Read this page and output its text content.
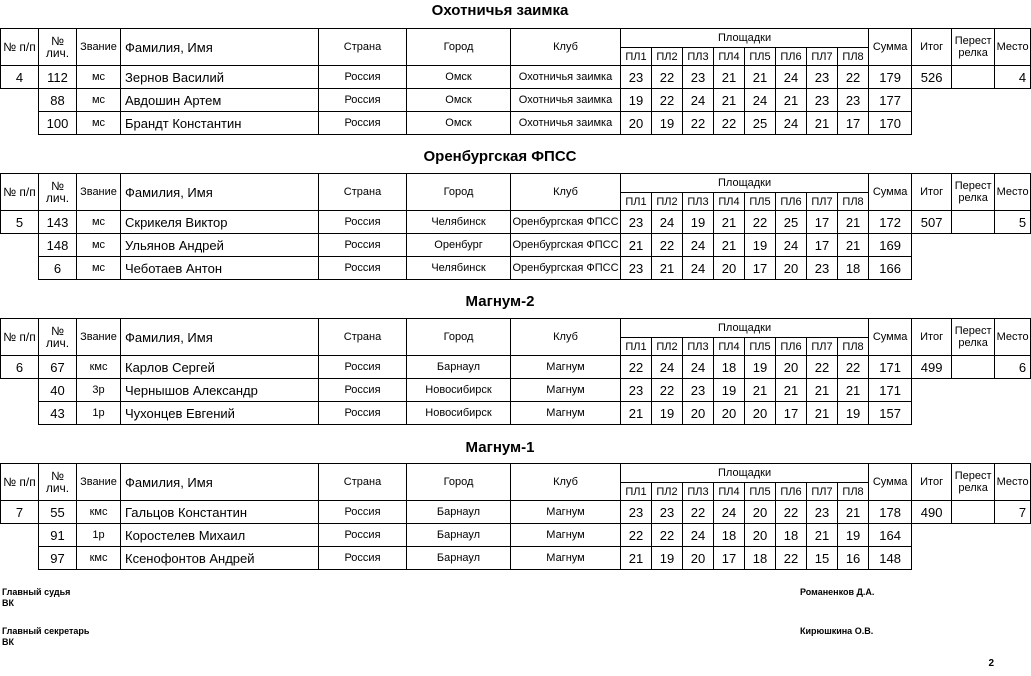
Охотничья заимка
№ п/п	№ лич.	Звание	Фамилия, Имя	Страна	Город	Клуб	Площадки								Сумма	Итог	Перест релка	Место
							ПЛ1	ПЛ2	ПЛ3	ПЛ4	ПЛ5	ПЛ6	ПЛ7	ПЛ8				
4	112	мс	Зернов Василий	Россия	Омск	Охотничья заимка	23	22	23	21	21	24	23	22	179	526		4
	88	мс	Авдошин Артем	Россия	Омск	Охотничья заимка	19	22	24	21	24	21	23	23	177			
	100	мс	Брандт Константин	Россия	Омск	Охотничья заимка	20	19	22	22	25	24	21	17	170			
Оренбургская ФПСС
№ п/п	№ лич.	Звание	Фамилия, Имя	Страна	Город	Клуб	Площадки								Сумма	Итог	Перест релка	Место
							ПЛ1	ПЛ2	ПЛ3	ПЛ4	ПЛ5	ПЛ6	ПЛ7	ПЛ8				
5	143	мс	Скрикеля Виктор	Россия	Челябинск	Оренбургская ФПСС	23	24	19	21	22	25	17	21	172	507		5
	148	мс	Ульянов Андрей	Россия	Оренбург	Оренбургская ФПСС	21	22	24	21	19	24	17	21	169			
	6	мс	Чеботаев Антон	Россия	Челябинск	Оренбургская ФПСС	23	21	24	20	17	20	23	18	166			
Магнум-2
№ п/п	№ лич.	Звание	Фамилия, Имя	Страна	Город	Клуб	Площадки								Сумма	Итог	Перест релка	Место
							ПЛ1	ПЛ2	ПЛ3	ПЛ4	ПЛ5	ПЛ6	ПЛ7	ПЛ8				
6	67	кмс	Карлов Сергей	Россия	Барнаул	Магнум	22	24	24	18	19	20	22	22	171	499		6
	40	3р	Чернышов Александр	Россия	Новосибирск	Магнум	23	22	23	19	21	21	21	21	171			
	43	1р	Чухонцев Евгений	Россия	Новосибирск	Магнум	21	19	20	20	20	17	21	19	157			
Магнум-1
№ п/п	№ лич.	Звание	Фамилия, Имя	Страна	Город	Клуб	Площадки								Сумма	Итог	Перест релка	Место
							ПЛ1	ПЛ2	ПЛ3	ПЛ4	ПЛ5	ПЛ6	ПЛ7	ПЛ8				
7	55	кмс	Гальцов Константин	Россия	Барнаул	Магнум	23	23	22	24	20	22	23	21	178	490		7
	91	1р	Коростелев Михаил	Россия	Барнаул	Магнум	22	22	24	18	20	18	21	19	164			
	97	кмс	Ксенофонтов Андрей	Россия	Барнаул	Магнум	21	19	20	17	18	22	15	16	148			
Главный судья
ВК
Романенков Д.А.
Главный секретарь
ВК
Кирюшкина О.В.
2
